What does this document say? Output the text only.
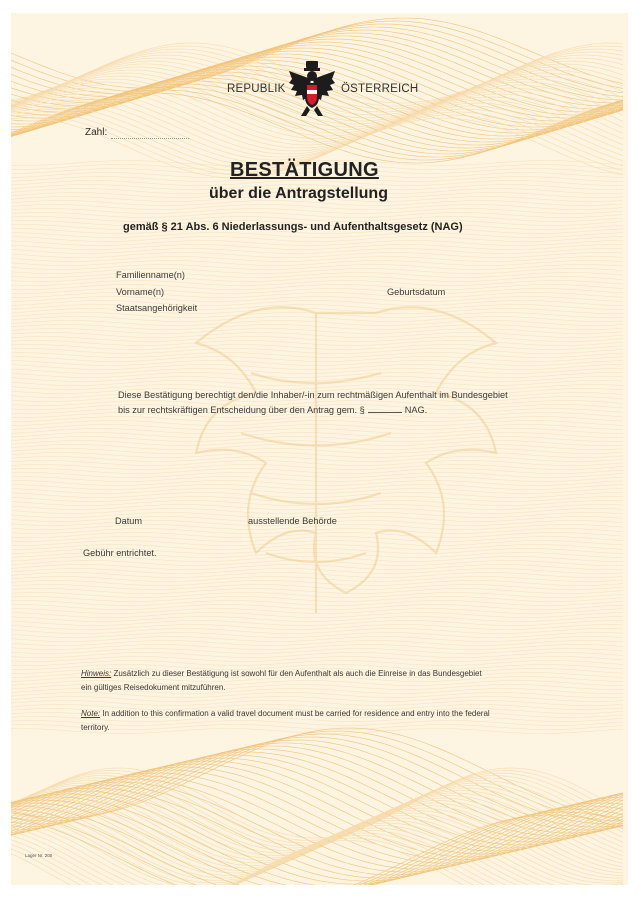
REPUBLIK	ÖSTERREICH
Zahl:
BESTÄTIGUNG
über die Antragstellung
gemäß § 21 Abs. 6 Niederlassungs- und Aufenthaltsgesetz (NAG)
Familienname(n)
Vorname(n)	Geburtsdatum
Staatsangehörigkeit
Diese Bestätigung berechtigt den/die Inhaber/-in zum rechtmäßigen Aufenthalt im Bundesgebiet
bis zur rechtskräftigen Entscheidung über den Antrag gem. §	NAG.
Datum	ausstellende Behörde
Gebühr entrichtet.
Hinweis: Zusätzlich zu dieser Bestätigung ist sowohl für den Aufenthalt als auch die Einreise in das Bundesgebiet
ein gültiges Reisedokument mitzuführen.
Note: In addition to this confirmation a valid travel document must be carried for residence and entry into the federal
territory.
Lager Nr. 200
